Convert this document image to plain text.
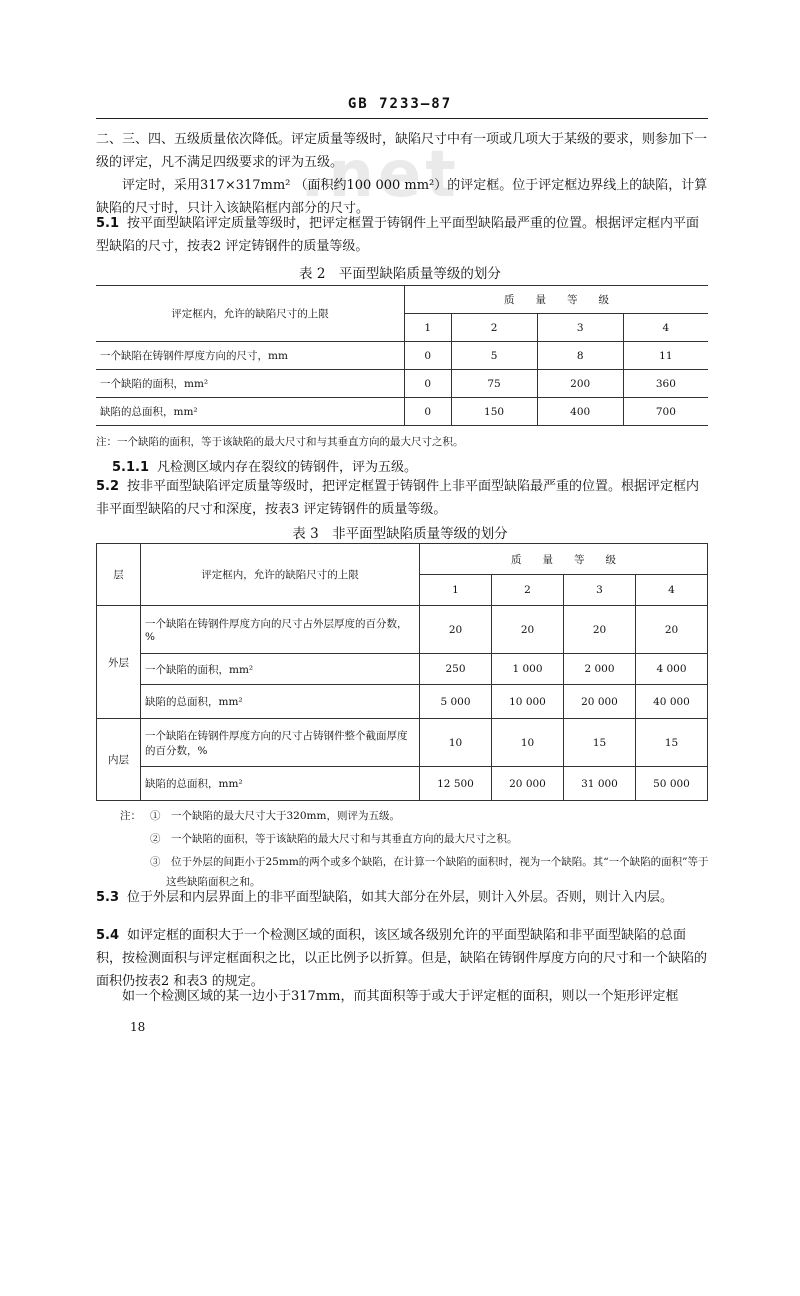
.net
GB 7233—87
二、三、四、五级质量依次降低。评定质量等级时，缺陷尺寸中有一项或几项大于某级的要求，则参加下一级的评定，凡不满足四级要求的评为五级。
评定时，采用317×317mm² （面积约100 000 mm²）的评定框。位于评定框边界线上的缺陷，计算缺陷的尺寸时，只计入该缺陷框内部分的尺寸。
5.1 按平面型缺陷评定质量等级时，把评定框置于铸钢件上平面型缺陷最严重的位置。根据评定框内平面型缺陷的尺寸，按表2 评定铸钢件的质量等级。
表 2　平面型缺陷质量等级的划分
评定框内，允许的缺陷尺寸的上限	质　　量　　等　　级			
	1	2	3	4
一个缺陷在铸钢件厚度方向的尺寸，mm	0	5	8	11
一个缺陷的面积，mm²	0	75	200	360
缺陷的总面积，mm²	0	150	400	700
注：一个缺陷的面积，等于该缺陷的最大尺寸和与其垂直方向的最大尺寸之积。
5.1.1 凡检测区域内存在裂纹的铸钢件，评为五级。
5.2 按非平面型缺陷评定质量等级时，把评定框置于铸钢件上非平面型缺陷最严重的位置。根据评定框内非平面型缺陷的尺寸和深度，按表3 评定铸钢件的质量等级。
表 3　非平面型缺陷质量等级的划分
层	评定框内，允许的缺陷尺寸的上限	质　　量　　等　　级			
		1	2	3	4
外层	一个缺陷在铸钢件厚度方向的尺寸占外层厚度的百分数，%	20	20	20	20
	一个缺陷的面积，mm²	250	1 000	2 000	4 000
	缺陷的总面积，mm²	5 000	10 000	20 000	40 000
内层	一个缺陷在铸钢件厚度方向的尺寸占铸钢件整个截面厚度的百分数，%	10	10	15	15
	缺陷的总面积，mm²	12 500	20 000	31 000	50 000
注： ①　一个缺陷的最大尺寸大于320mm，则评为五级。
②　一个缺陷的面积，等于该缺陷的最大尺寸和与其垂直方向的最大尺寸之积。
③　位于外层的间距小于25mm的两个或多个缺陷，在计算一个缺陷的面积时，视为一个缺陷。其“一个缺陷的面积”等于这些缺陷面积之和。
5.3 位于外层和内层界面上的非平面型缺陷，如其大部分在外层，则计入外层。否则，则计入内层。
5.4 如评定框的面积大于一个检测区域的面积，该区域各级别允许的平面型缺陷和非平面型缺陷的总面积，按检测面积与评定框面积之比，以正比例予以折算。但是，缺陷在铸钢件厚度方向的尺寸和一个缺陷的面积仍按表2 和表3 的规定。
如一个检测区域的某一边小于317mm，而其面积等于或大于评定框的面积，则以一个矩形评定框
18
